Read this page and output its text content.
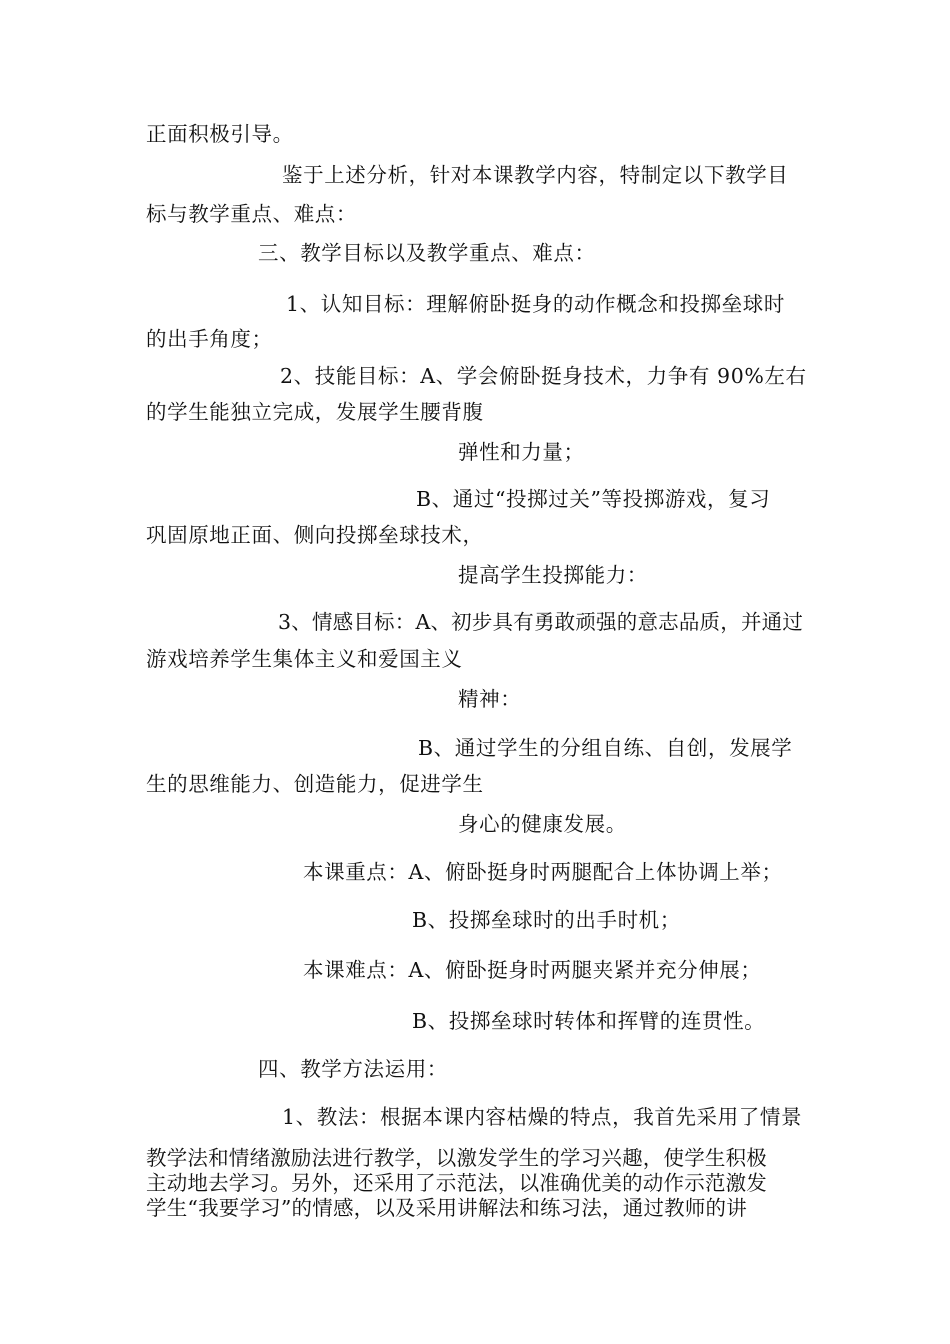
正面积极引导。
鉴于上述分析，针对本课教学内容，特制定以下教学目
标与教学重点、难点：
三、教学目标以及教学重点、难点：
1、认知目标：理解俯卧挺身的动作概念和投掷垒球时
的出手角度；
2、技能目标：A、学会俯卧挺身技术，力争有 90%左右
的学生能独立完成，发展学生腰背腹
弹性和力量；
B、通过“投掷过关”等投掷游戏，复习
巩固原地正面、侧向投掷垒球技术，
提高学生投掷能力：
3、情感目标：A、初步具有勇敢顽强的意志品质，并通过
游戏培养学生集体主义和爱国主义
精神：
B、通过学生的分组自练、自创，发展学
生的思维能力、创造能力，促进学生
身心的健康发展。
本课重点：A、俯卧挺身时两腿配合上体协调上举；
B、投掷垒球时的出手时机；
本课难点：A、俯卧挺身时两腿夹紧并充分伸展；
B、投掷垒球时转体和挥臂的连贯性。
四、教学方法运用：
1、教法：根据本课内容枯燥的特点，我首先采用了情景
教学法和情绪激励法进行教学，以激发学生的学习兴趣，使学生积极
主动地去学习。另外，还采用了示范法，以准确优美的动作示范激发
学生“我要学习”的情感，以及采用讲解法和练习法，通过教师的讲
